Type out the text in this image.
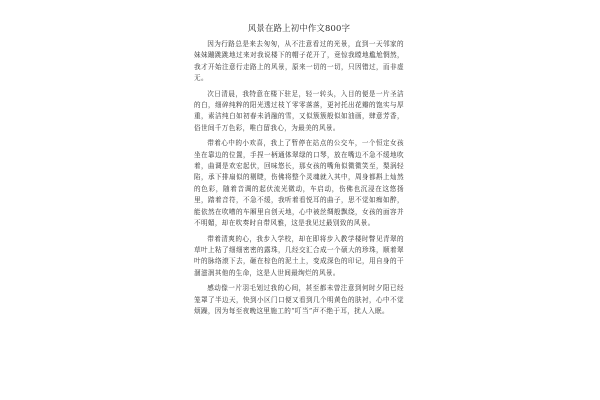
风景在路上初中作文800字

因为行路总是来去匆匆，从不注意看过的光景，直到一天邻家的妹妹蹦跳跳地过来对我说楼下的帽子花开了，竟惊我瞠地尴尬惘然，我才开始注意行走路上的风景，原来一切的一切，只因错过，而非虚无。

次日清晨，我特意在楼下驻足，轻一转头，入目的便是一片圣洁的白，细碎纯粹的阳光透过枝丫零零落落，更衬托出花瓣的饱实与厚重，素洁纯白如初春未消融的雪，又似簇簇般似如油画，肆意芳香，俗世间千万色彩，唯白留我心，为最美的风景。

带着心中的小欢喜，我上了暂停在站点的公交车，一个恒定女孩坐在靠边的位置，手捏一柄通体翠绿的口琴，放在嘴边不急不缓地吹着，曲调是欢宏起伏，回味悠长，那女孩的嘴角似微微笑至，梨涡轻陷，承下排扇似的剔睫，伤佛将整个灵魂就入其中，周身都斟上灿然的色彩，随着音调的起伏流光微动，车启动，伤佛也沉浸在这悠扬里，踏着音符，不急不缓，我听着看悦耳的曲子，思不觉如痴如醉，能依然在吹嘈的车厢里自创天地，心中被丝绸般飘绕，女孩的面容并不明媚，却在吹奏时自带风雅，这是我见过最别致的风景。

带着清爽的心，我步入学校，却在即将步入教学楼时瞥见青翠的草叶上粘了细细密密的露珠，几经交汇合成一个硕大的珍珠，顺着翠叶的脉络滚下去，砸在棕色的泥土上，变成深色的印记，用自身的干涸滋润其他的生命，这是人世间最绚烂的风景。

感动像一片羽毛划过我的心间，甚至都未曾注意到何时夕阳已经笼罩了半边天，快到小区门口便又看到几个明黄色的肤衬，心中不觉烦躁，因为每至夜晚这里施工的“叮当”声不绝于耳，扰人入眠。
